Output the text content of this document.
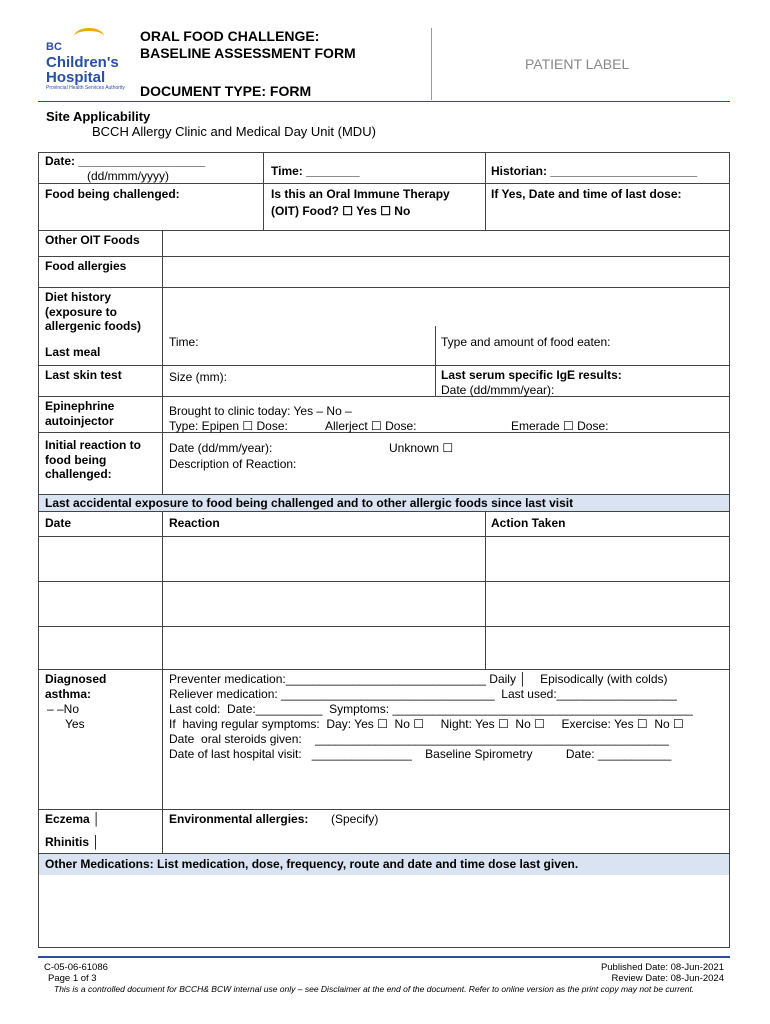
BC
Children's
Hospital
Provincial Health Services Authority
ORAL FOOD CHALLENGE:
BASELINE ASSESSMENT FORM
DOCUMENT TYPE: FORM
PATIENT LABEL
Site Applicability
BCCH Allergy Clinic and Medical Day Unit (MDU)
Date: ___________________
(dd/mmm/yyyy)	Time: ________	Historian: ______________________
Food being challenged:	Is this an Oral Immune Therapy
(OIT) Food? ☐ Yes ☐ No
If Yes, Date and time of last dose:
Other OIT Foods
Food allergies
Diet history
(exposure to
allergenic foods)
Time:	Type and amount of food eaten:
Last meal
Last skin test	Size (mm):	Last serum specific IgE results:
Date (dd/mmm/year):
Epinephrine
autoinjector
Brought to clinic today: Yes – No –
Type: Epipen ☐ Dose:	Allerject ☐ Dose:	Emerade ☐ Dose:
Initial reaction to
food being
challenged:
Date (dd/mm/year):	Unknown ☐
Description of Reaction:
Last accidental exposure to food being challenged and to other allergic foods since last visit
Date	Reaction	Action Taken
Diagnosed
asthma:
‒ ‒No
Yes
Preventer medication:______________________________ Daily │    Episodically (with colds)
Reliever medication: ________________________________  Last used:__________________
Last cold:  Date:__________  Symptoms: _____________________________________________
If  having regular symptoms:  Day: Yes ☐  No ☐     Night: Yes ☐  No ☐     Exercise: Yes ☐  No ☐
Date  oral steroids given:    _____________________________________________________
Date of last hospital visit:   _______________    Baseline Spirometry          Date: ___________
Eczema │
Rhinitis │
Environmental allergies: (Specify)
Other Medications: List medication, dose, frequency, route and date and time dose last given.
C-05-06-61086
Page 1 of 3
Published Date: 08-Jun-2021
Review Date: 08-Jun-2024
This is a controlled document for BCCH& BCW internal use only – see Disclaimer at the end of the document. Refer to online version as the print copy may not be current.
